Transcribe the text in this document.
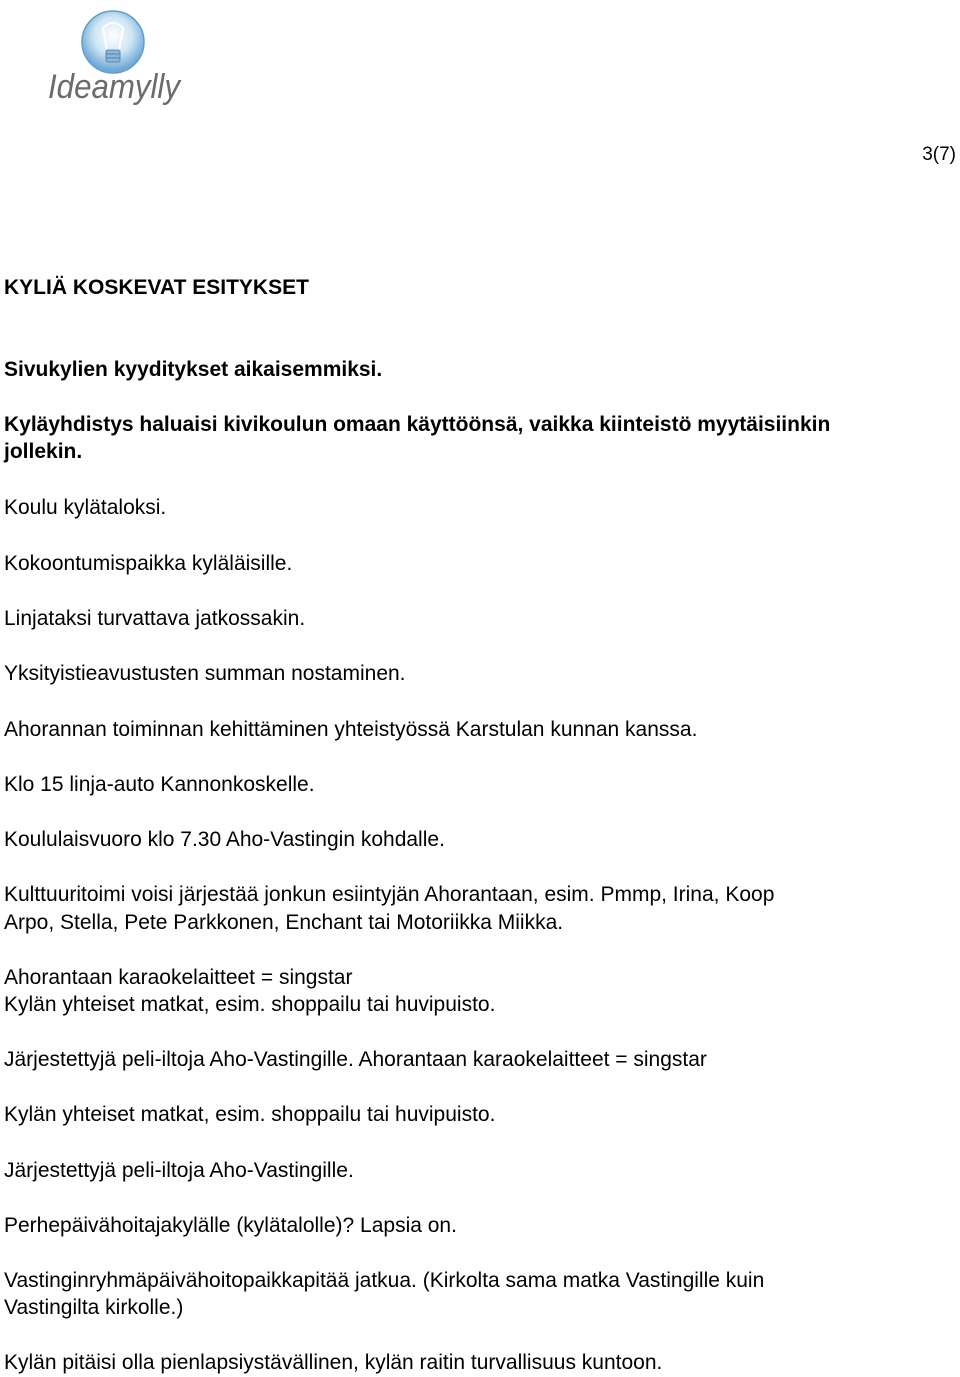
Ideamylly
3(7)
KYLIÄ KOSKEVAT ESITYKSET
Sivukylien kyyditykset aikaisemmiksi.
Kyläyhdistys haluaisi kivikoulun omaan käyttöönsä, vaikka kiinteistö myytäisiinkin
jollekin.
Koulu kylätaloksi.
Kokoontumispaikka kyläläisille.
Linjataksi turvattava jatkossakin.
Yksityistieavustusten summan nostaminen.
Ahorannan toiminnan kehittäminen yhteistyössä Karstulan kunnan kanssa.
Klo 15 linja-auto Kannonkoskelle.
Koululaisvuoro klo 7.30 Aho-Vastingin kohdalle.
Kulttuuritoimi voisi järjestää jonkun esiintyjän Ahorantaan, esim. Pmmp, Irina, Koop
Arpo, Stella, Pete Parkkonen, Enchant tai Motoriikka Miikka.
Ahorantaan karaokelaitteet = singstar
Kylän yhteiset matkat, esim. shoppailu tai huvipuisto.
Järjestettyjä peli-iltoja Aho-Vastingille. Ahorantaan karaokelaitteet = singstar
Kylän yhteiset matkat, esim. shoppailu tai huvipuisto.
Järjestettyjä peli-iltoja Aho-Vastingille.
Perhepäivähoitajakylälle (kylätalolle)? Lapsia on.
Vastinginryhmäpäivähoitopaikkapitää jatkua. (Kirkolta sama matka Vastingille kuin
Vastingilta kirkolle.)
Kylän pitäisi olla pienlapsiystävällinen, kylän raitin turvallisuus kuntoon.
